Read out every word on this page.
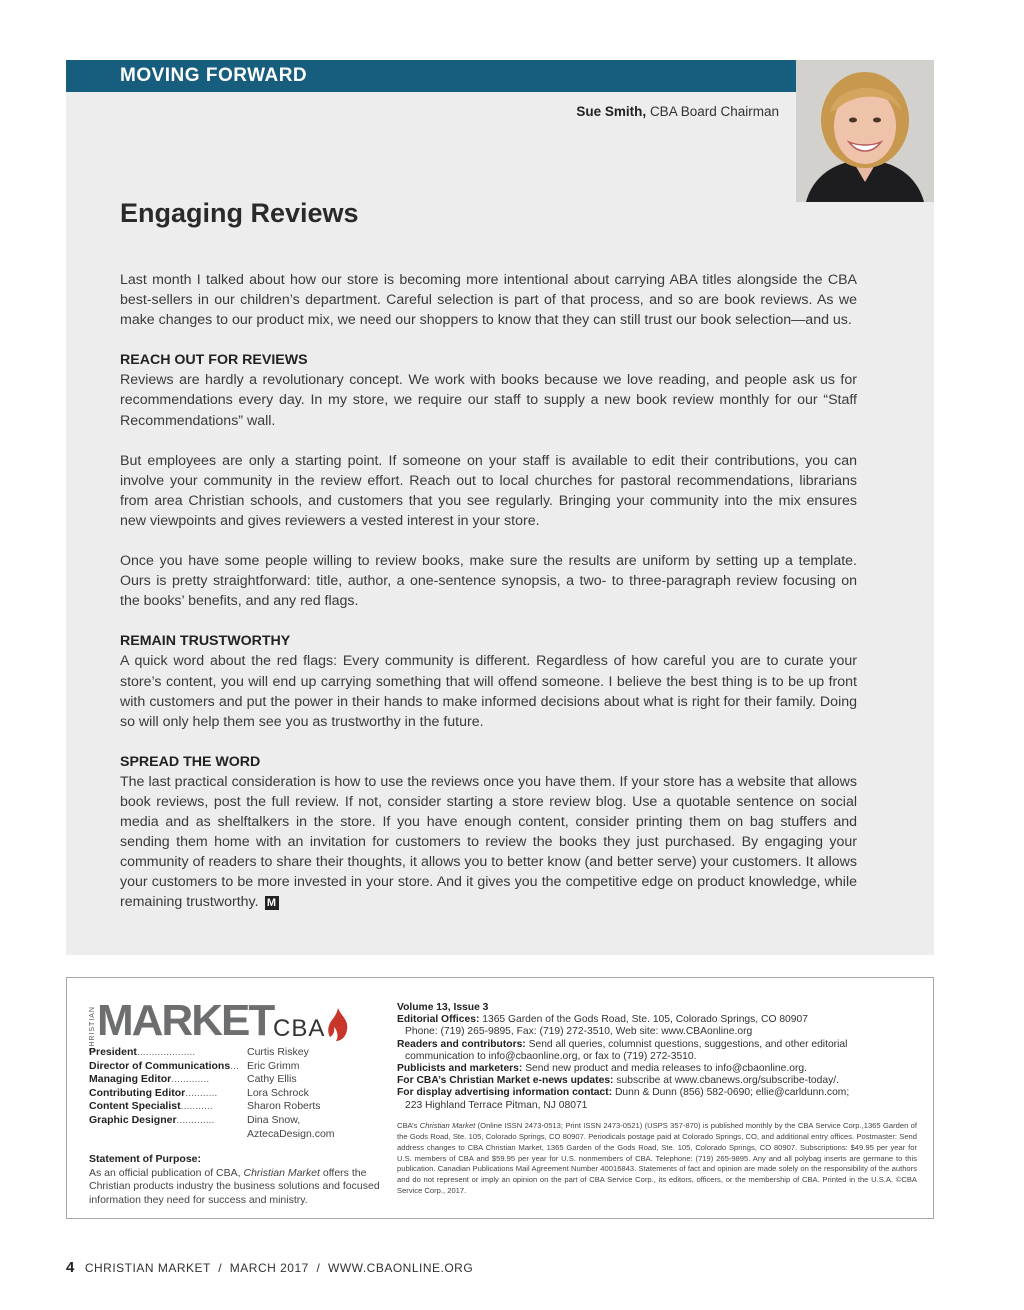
MOVING FORWARD
Sue Smith, CBA Board Chairman
Engaging Reviews

Last month I talked about how our store is becoming more intentional about carrying ABA titles alongside the CBA best-sellers in our children’s department. Careful selection is part of that process, and so are book reviews. As we make changes to our product mix, we need our shoppers to know that they can still trust our book selection—and us.

REACH OUT FOR REVIEWS

Reviews are hardly a revolutionary concept. We work with books because we love reading, and people ask us for recommendations every day. In my store, we require our staff to supply a new book review monthly for our “Staff Recommendations” wall.

But employees are only a starting point. If someone on your staff is available to edit their contributions, you can involve your community in the review effort. Reach out to local churches for pastoral recommendations, librarians from area Christian schools, and customers that you see regularly. Bringing your community into the mix ensures new viewpoints and gives reviewers a vested interest in your store.

Once you have some people willing to review books, make sure the results are uniform by setting up a template. Ours is pretty straightforward: title, author, a one-sentence synopsis, a two- to three-paragraph review focusing on the books’ benefits, and any red flags.

REMAIN TRUSTWORTHY

A quick word about the red flags: Every community is different. Regardless of how careful you are to curate your store’s content, you will end up carrying something that will offend someone. I believe the best thing is to be up front with customers and put the power in their hands to make informed decisions about what is right for their family. Doing so will only help them see you as trustworthy in the future.

SPREAD THE WORD

The last practical consideration is how to use the reviews once you have them. If your store has a website that allows book reviews, post the full review. If not, consider starting a store review blog. Use a quotable sentence on social media and as shelftalkers in the store. If you have enough content, consider printing them on bag stuffers and sending them home with an invitation for customers to review the books they just purchased. By engaging your community of readers to share their thoughts, it allows you to better know (and better serve) your customers. It allows your customers to be more invested in your store. And it gives you the competitive edge on product knowledge, while remaining trustworthy. M

CHRISTIAN MARKET CBA
President....................	Curtis Riskey
Director of Communications... Eric Grimm
Managing Editor.............	Cathy Ellis
Contributing Editor...........	Lora Schrock
Content Specialist...........	Sharon Roberts
Graphic Designer.............	Dina Snow,
AztecaDesign.com
Statement of Purpose:
As an official publication of CBA, Christian Market offers the Christian products industry the business solutions and focused information they need for success and ministry.
Volume 13, Issue 3
Editorial Offices: 1365 Garden of the Gods Road, Ste. 105, Colorado Springs, CO 80907
Phone: (719) 265-9895, Fax: (719) 272-3510, Web site: www.CBAonline.org
Readers and contributors: Send all queries, columnist questions, suggestions, and other editorial
communication to info@cbaonline.org, or fax to (719) 272-3510.
Publicists and marketers: Send new product and media releases to info@cbaonline.org.
For CBA’s Christian Market e-news updates: subscribe at www.cbanews.org/subscribe-today/.
For display advertising information contact: Dunn & Dunn (856) 582-0690; ellie@carldunn.com;
223 Highland Terrace Pitman, NJ 08071
CBA’s Christian Market (Online ISSN 2473-0513; Print ISSN 2473-0521) (USPS 357-870) is published monthly by the CBA Service Corp.,1365 Garden of the Gods Road, Ste. 105, Colorado Springs, CO 80907. Periodicals postage paid at Colorado Springs, CO, and additional entry offices. Postmaster: Send address changes to CBA Christian Market, 1365 Garden of the Gods Road, Ste. 105, Colorado Springs, CO 80907. Subscriptions: $49.95 per year for U.S. members of CBA and $59.95 per year for U.S. nonmembers of CBA. Telephone: (719) 265-9895. Any and all polybag inserts are germane to this publication. Canadian Publications Mail Agreement Number 40016843. Statements of fact and opinion are made solely on the responsibility of the authors and do not represent or imply an opinion on the part of CBA Service Corp., its editors, officers, or the membership of CBA. Printed in the U.S.A. ©CBA Service Corp., 2017.
4 CHRISTIAN MARKET  /  MARCH 2017  /  WWW.CBAONLINE.ORG
